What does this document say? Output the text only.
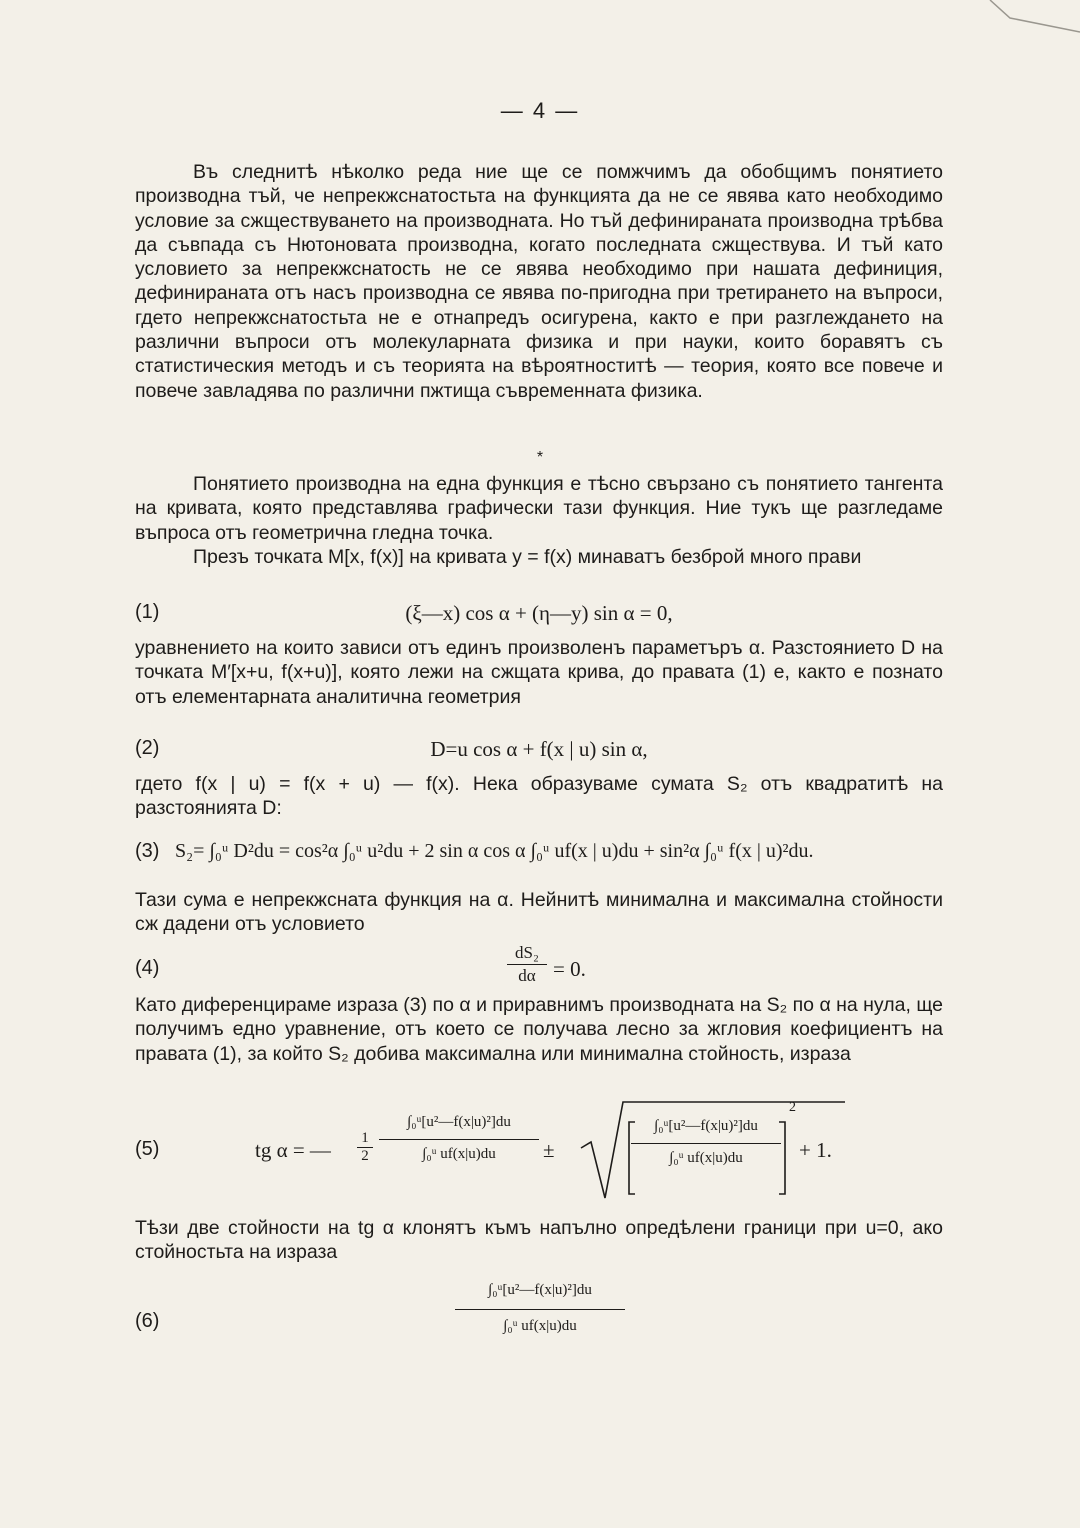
— 4 —

Въ следнитѣ нѣколко реда ние ще се помжчимъ да обобщимъ понятието производна тъй, че непрекжснатостьта на функцията да не се явява като необходимо условие за сжществуването на производната. Но тъй дефинираната производна трѣбва да съвпада съ Нютоновата производна, когато последната сжществува. И тъй като условието за непрекжснатость не се явява необходимо при нашата дефиниция, дефинираната отъ насъ производна се явява по-пригодна при третирането на въпроси, гдето непрекжснатостьта не е отнапредъ осигурена, както е при разглеждането на различни въпроси отъ молекуларната физика и при науки, които боравятъ съ статистическия методъ и съ теорията на вѣроятноститѣ — теория, която все повече и повече завладява по различни пжтища съвременната физика.

*

Понятието производна на една функция е тѣсно свързано съ понятието тангента на кривата, която представлява графически тази функция. Ние тукъ ще разгледаме въпроса отъ геометрична гледна точка.

Презъ точката M[x, f(x)] на кривата y = f(x) минаватъ безброй много прави

(1)	(ξ—x) cos α + (η—y) sin α = 0,

уравнението на които зависи отъ единъ произволенъ параметъръ α. Разстоянието D на точката M′[x+u, f(x+u)], която лежи на сжщата крива, до правата (1) е, както е познато отъ елементарната аналитична геометрия

(2)	D=u cos α + f(x | u) sin α,

гдето f(x | u) = f(x + u) — f(x). Нека образуваме сумата S₂ отъ квадратитѣ на разстоянията D:

(3) S₂= ∫₀ᵘ D²du = cos²α ∫₀ᵘ u²du + 2 sin α cos α ∫₀ᵘ uf(x | u)du + sin²α ∫₀ᵘ f(x | u)²du.

Тази сума е непрекжсната функция на α. Нейнитѣ минимална и максимална стойности сж дадени отъ условието

(4)
dS₂
dα = 0.

Като диференцираме израза (3) по α и приравнимъ производната на S₂ по α на нула, ще получимъ едно уравнение, отъ което се получава лесно за жгловия коефициентъ на правата (1), за който S₂ добива максимална или минимална стойность, израза

(5)	tg α = — 1
2
∫₀ᵘ[u²—f(x|u)²]du
∫₀ᵘ uf(x|u)du	±
∫₀ᵘ[u²—f(x|u)²]du
∫₀ᵘ uf(x|u)du
2
+ 1.

Тѣзи две стойности на tg α клонятъ къмъ напълно опредѣлени граници при u=0, ако стойностьта на израза

(6)
∫₀ᵘ[u²—f(x|u)²]du
∫₀ᵘ uf(x|u)du
